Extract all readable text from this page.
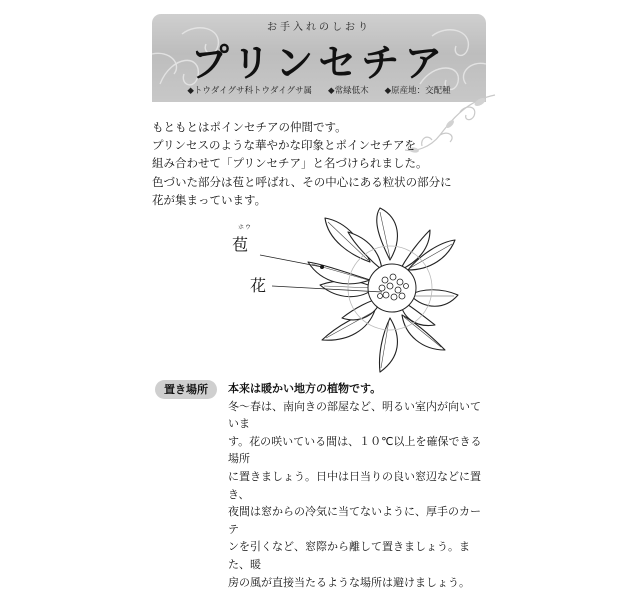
お手入れのしおり
プリンセチア
◆トウダイグサ科トウダイグサ属 ◆常緑低木 ◆原産地：交配種
もともとはポインセチアの仲間です。
プリンセスのような華やかな印象とポインセチアを
組み合わせて「プリンセチア」と名づけられました。
色づいた部分は苞と呼ばれ、その中心にある粒状の部分に
花が集まっています。
ホウ
苞
花
置き場所	本来は暖かい地方の植物です。
冬〜春は、南向きの部屋など、明るい室内が向いていま
す。花の咲いている間は、１０℃以上を確保できる場所
に置きましょう。日中は日当りの良い窓辺などに置き、
夜間は窓からの冷気に当てないように、厚手のカーテ
ンを引くなど、窓際から離して置きましょう。また、暖
房の風が直接当たるような場所は避けましょう。
